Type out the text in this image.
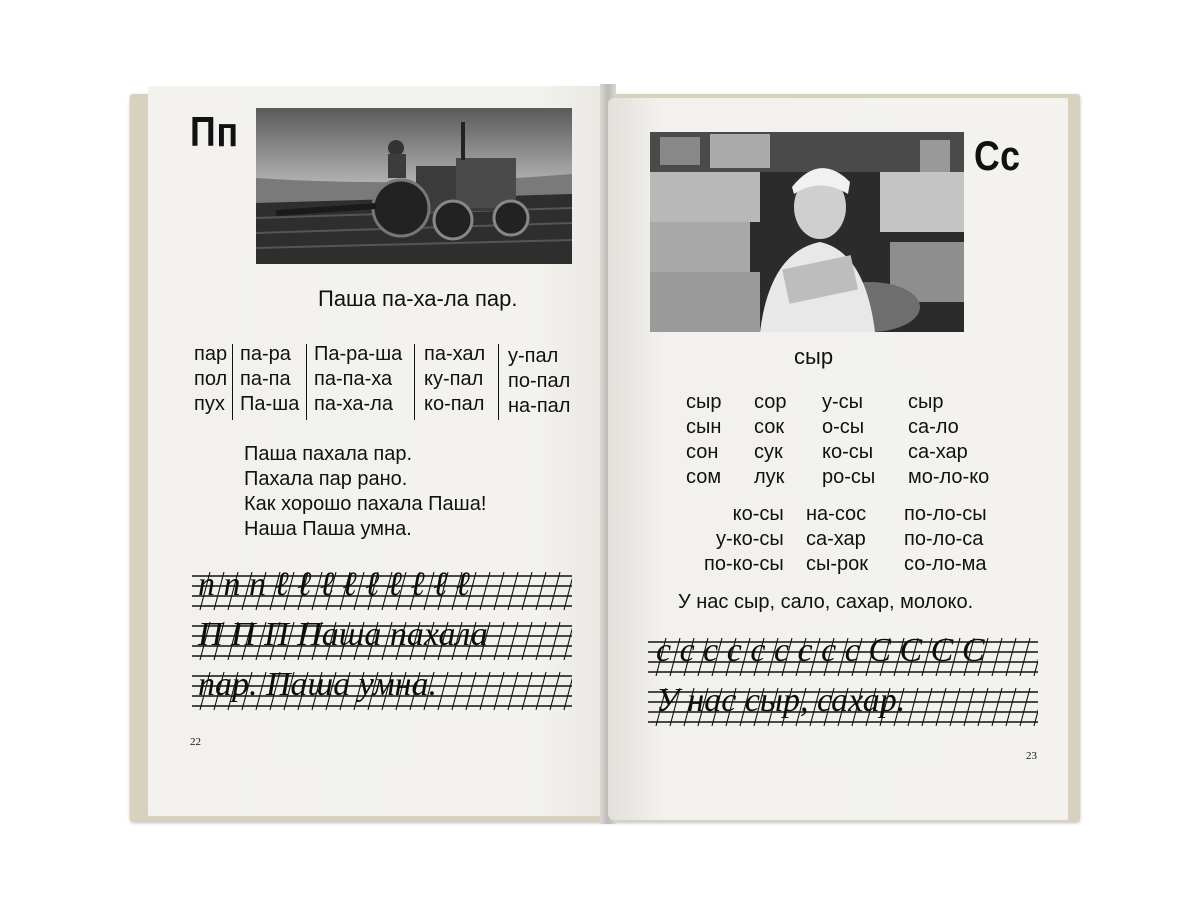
Пп
Паша па-ха-ла пар.
пар
пол
пух
па-ра
па-па
Па-ша
Па-ра-ша
па-па-ха
па-ха-ла
па-хал
ку-пал
ко-пал
у-пал
по-пал
на-пал
Паша пахала пар.
Пахала пар рано.
Как хорошо пахала Паша!
Наша Паша умна.
п п п ℓ ℓ ℓ ℓ ℓ ℓ ℓ ℓ ℓ
П П П Паша пахала
пар. Паша умна.
22
Сс
сыр
сыр
сын
сон
сом
сор
сок
сук
лук
у-сы
о-сы
ко-сы
ро-сы
сыр
са-ло
са-хар
мо-ло-ко
ко-сы
у-ко-сы
по-ко-сы
на-сос
са-хар
сы-рок
по-ло-сы
по-ло-са
со-ло-ма
У нас сыр, сало, сахар, молоко.
с с с с с с с с с С С С С
У нас сыр, сахар.
23
